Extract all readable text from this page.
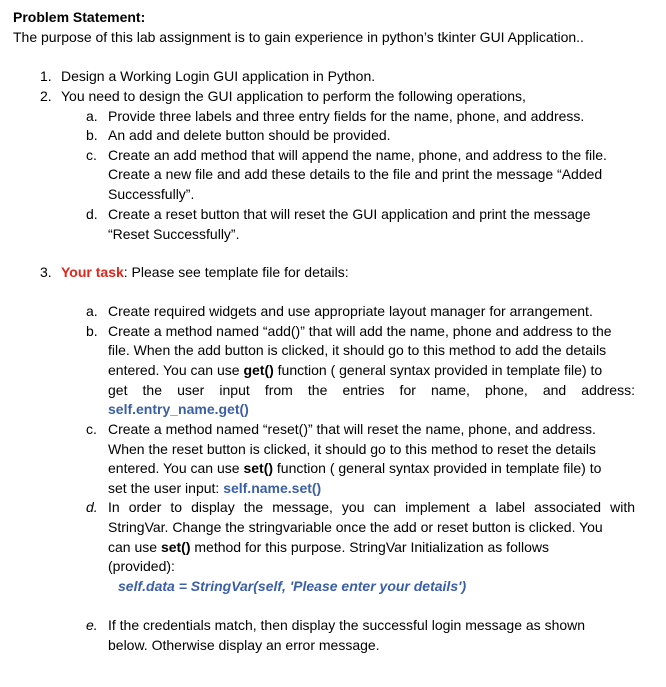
Problem Statement:
The purpose of this lab assignment is to gain experience in python’s tkinter GUI Application..
1. Design a Working Login GUI application in Python.
2. You need to design the GUI application to perform the following operations,
a. Provide three labels and three entry fields for the name, phone, and address.
b. An add and delete button should be provided.
c. Create an add method that will append the name, phone, and address to the file.
Create a new file and add these details to the file and print the message “Added
Successfully”.
d. Create a reset button that will reset the GUI application and print the message
“Reset Successfully”.
3. Your task: Please see template file for details:
a. Create required widgets and use appropriate layout manager for arrangement.
b. Create a method named “add()” that will add the name, phone and address to the
file. When the add button is clicked, it should go to this method to add the details
entered. You can use get() function ( general syntax provided in template file) to
get the user input from the entries for name, phone, and address:
self.entry_name.get()
c. Create a method named “reset()” that will reset the name, phone, and address.
When the reset button is clicked, it should go to this method to reset the details
entered. You can use set() function ( general syntax provided in template file) to
set the user input: self.name.set()
d. In order to display the message, you can implement a label associated with
StringVar. Change the stringvariable once the add or reset button is clicked. You
can use set() method for this purpose. StringVar Initialization as follows
(provided):
self.data = StringVar(self, 'Please enter your details')
e. If the credentials match, then display the successful login message as shown
below. Otherwise display an error message.
